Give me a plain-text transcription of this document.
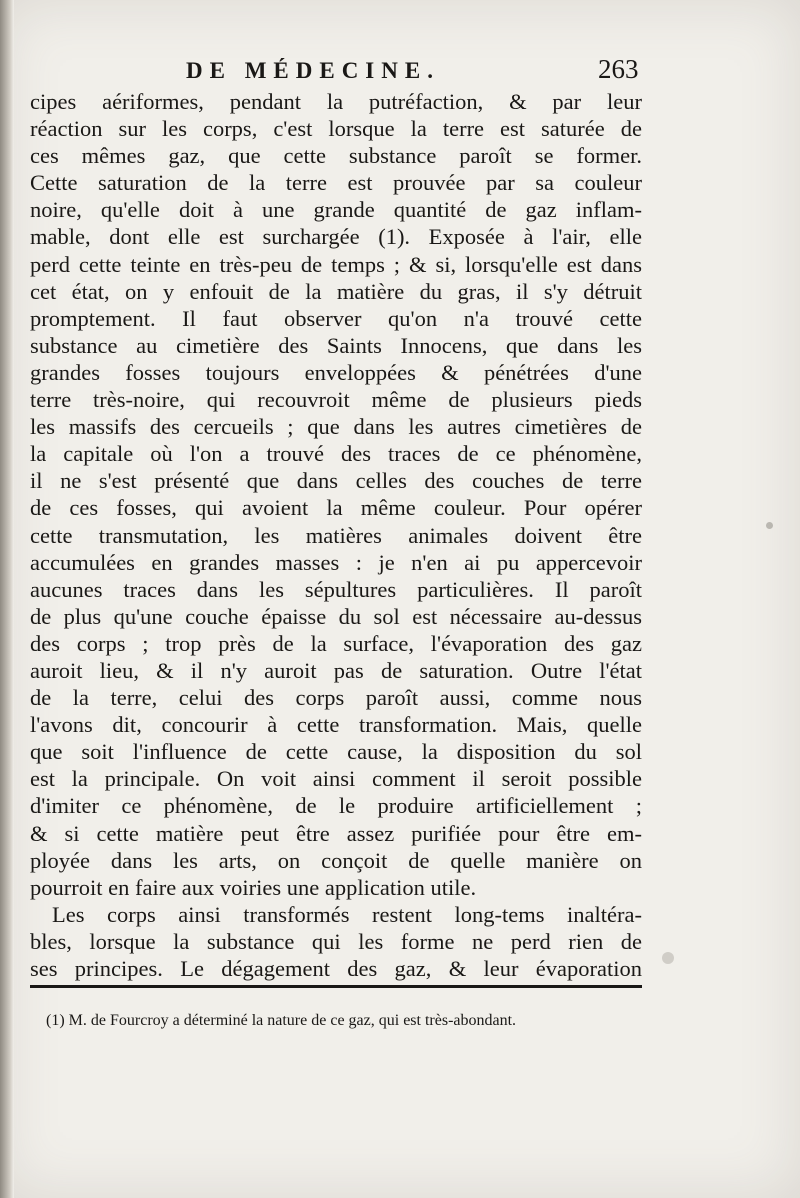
DE MÉDECINE.	263
cipes aériformes, pendant la putréfaction, & par leur
réaction sur les corps, c'est lorsque la terre est saturée de
ces mêmes gaz, que cette substance paroît se former.
Cette saturation de la terre est prouvée par sa couleur
noire, qu'elle doit à une grande quantité de gaz inflam-
mable, dont elle est surchargée (1). Exposée à l'air, elle
perd cette teinte en très-peu de temps ; & si, lorsqu'elle est dans
cet état, on y enfouit de la matière du gras, il s'y détruit
promptement. Il faut observer qu'on n'a trouvé cette
substance au cimetière des Saints Innocens, que dans les
grandes fosses toujours enveloppées & pénétrées d'une
terre très-noire, qui recouvroit même de plusieurs pieds
les massifs des cercueils ; que dans les autres cimetières de
la capitale où l'on a trouvé des traces de ce phénomène,
il ne s'est présenté que dans celles des couches de terre
de ces fosses, qui avoient la même couleur. Pour opérer
cette transmutation, les matières animales doivent être
accumulées en grandes masses : je n'en ai pu appercevoir
aucunes traces dans les sépultures particulières. Il paroît
de plus qu'une couche épaisse du sol est nécessaire au-dessus
des corps ; trop près de la surface, l'évaporation des gaz
auroit lieu, & il n'y auroit pas de saturation. Outre l'état
de la terre, celui des corps paroît aussi, comme nous
l'avons dit, concourir à cette transformation. Mais, quelle
que soit l'influence de cette cause, la disposition du sol
est la principale. On voit ainsi comment il seroit possible
d'imiter ce phénomène, de le produire artificiellement ;
& si cette matière peut être assez purifiée pour être em-
ployée dans les arts, on conçoit de quelle manière on
pourroit en faire aux voiries une application utile.
Les corps ainsi transformés restent long-tems inaltéra-
bles, lorsque la substance qui les forme ne perd rien de
ses principes. Le dégagement des gaz, & leur évaporation
(1) M. de Fourcroy a déterminé la nature de ce gaz, qui est très-abondant.
